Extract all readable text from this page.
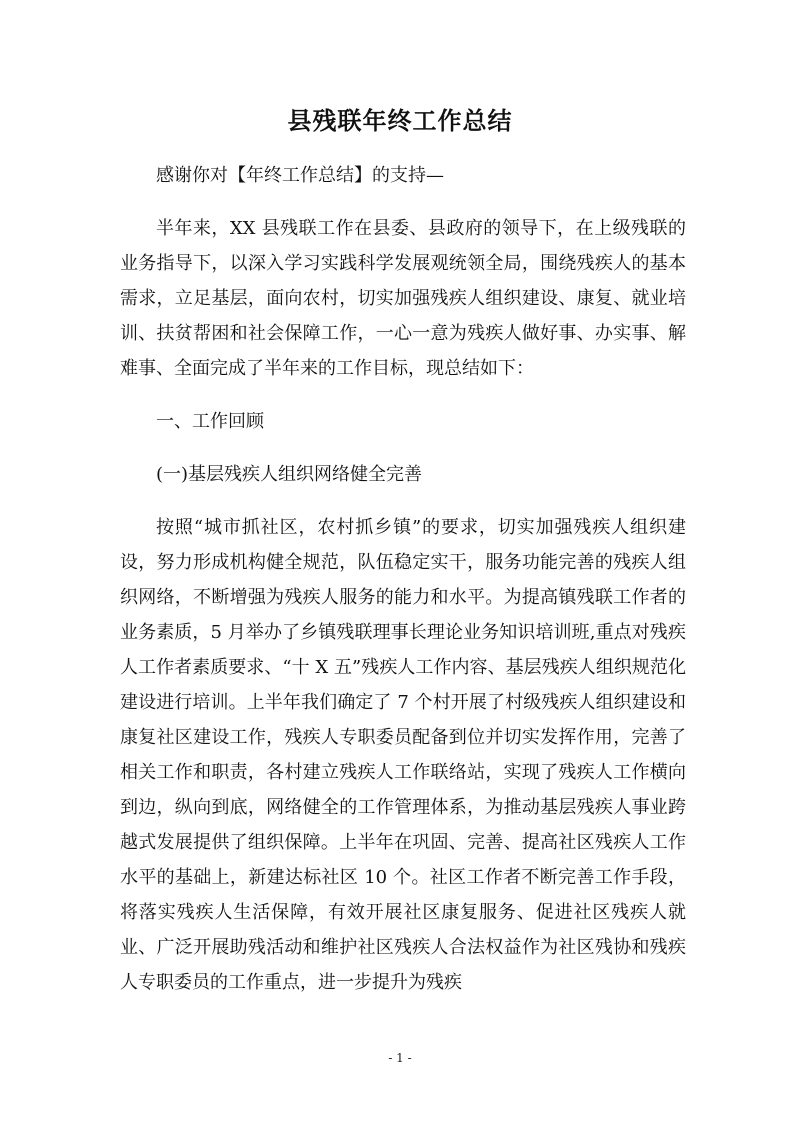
县残联年终工作总结

感谢你对【年终工作总结】的支持—

半年来，XX 县残联工作在县委、县政府的领导下，在上级残联的业务指导下，以深入学习实践科学发展观统领全局，围绕残疾人的基本需求，立足基层，面向农村，切实加强残疾人组织建设、康复、就业培训、扶贫帮困和社会保障工作，一心一意为残疾人做好事、办实事、解难事、全面完成了半年来的工作目标，现总结如下：

一、工作回顾

(一)基层残疾人组织网络健全完善

按照“城市抓社区，农村抓乡镇”的要求，切实加强残疾人组织建设，努力形成机构健全规范，队伍稳定实干，服务功能完善的残疾人组织网络，不断增强为残疾人服务的能力和水平。为提高镇残联工作者的业务素质，5 月举办了乡镇残联理事长理论业务知识培训班,重点对残疾人工作者素质要求、“十 X 五”残疾人工作内容、基层残疾人组织规范化建设进行培训。上半年我们确定了 7 个村开展了村级残疾人组织建设和康复社区建设工作，残疾人专职委员配备到位并切实发挥作用，完善了相关工作和职责，各村建立残疾人工作联络站，实现了残疾人工作横向到边，纵向到底，网络健全的工作管理体系，为推动基层残疾人事业跨越式发展提供了组织保障。上半年在巩固、完善、提高社区残疾人工作水平的基础上，新建达标社区 10 个。社区工作者不断完善工作手段，将落实残疾人生活保障，有效开展社区康复服务、促进社区残疾人就业、广泛开展助残活动和维护社区残疾人合法权益作为社区残协和残疾人专职委员的工作重点，进一步提升为残疾

- 1 -
